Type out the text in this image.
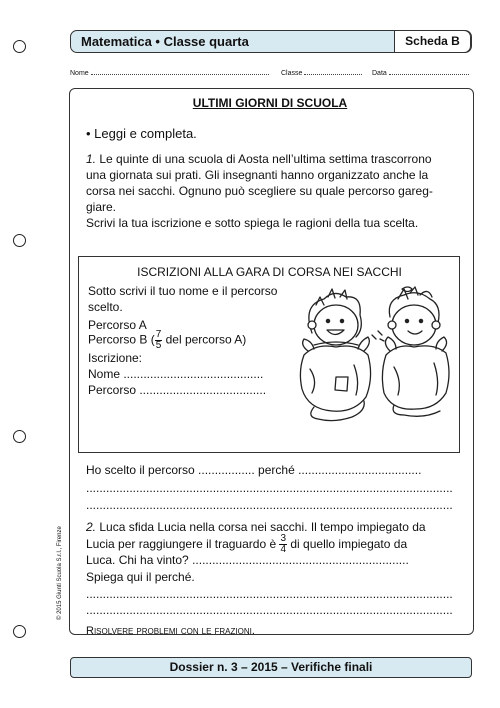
Matematica • Classe quarta	Scheda B
Nome	Classe	Data
ULTIMI GIORNI DI SCUOLA
• Leggi e completa.
1. Le quinte di una scuola di Aosta nell’ultima settima trascorrono
una giornata sui prati. Gli insegnanti hanno organizzato anche la
corsa nei sacchi. Ognuno può scegliere su quale percorso gareg-
giare.
Scrivi la tua iscrizione e sotto spiega le ragioni della tua scelta.
ISCRIZIONI ALLA GARA DI CORSA NEI SACCHI
Sotto scrivi il tuo nome e il percorso
scelto.
Percorso A
Percorso B ( $\frac{7}{5}$ del percorso A)
Iscrizione:
Nome ..........................................
Percorso ......................................
Ho scelto il percorso ................. perché .....................................
..............................................................................................................
..............................................................................................................
2. Luca sfida Lucia nella corsa nei sacchi. Il tempo impiegato da
Lucia per raggiungere il traguardo è $\frac{3}{4}$ di quello impiegato da
Luca. Chi ha vinto? .................................................................
Spiega qui il perché.
..............................................................................................................
..............................................................................................................
Risolvere problemi con le frazioni.
Dossier n. 3 – 2015 – Verifiche finali
© 2015 Giunti Scuola S.r.l., Firenze
